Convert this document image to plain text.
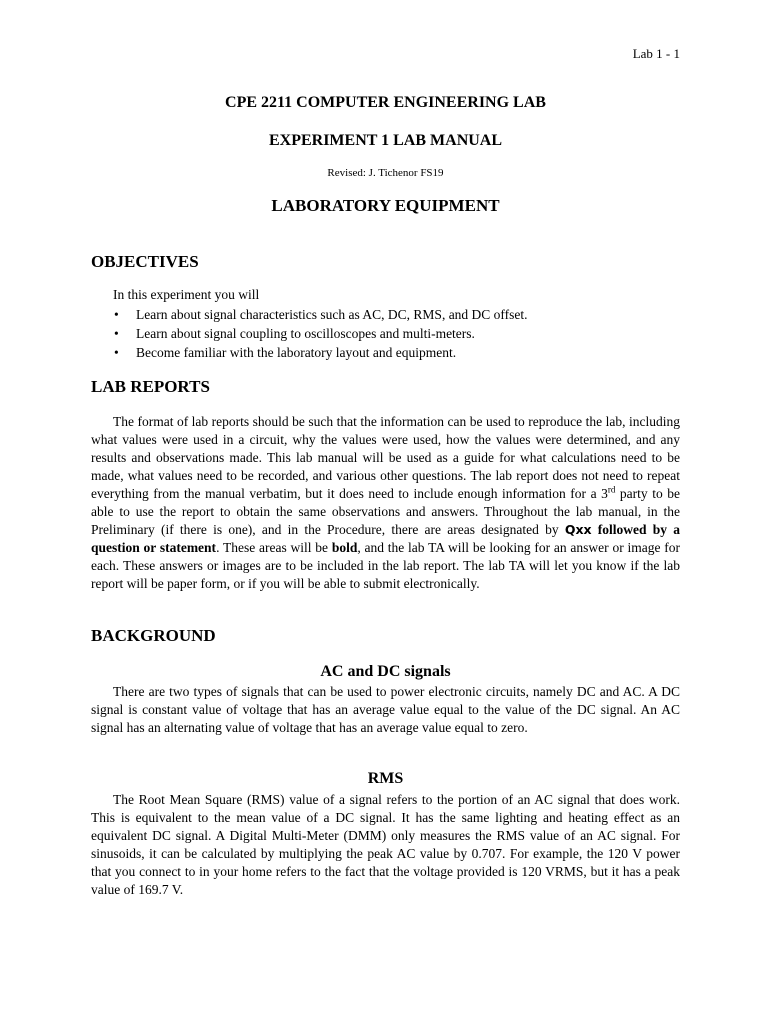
Lab 1 - 1
CPE 2211 COMPUTER ENGINEERING LAB
EXPERIMENT 1 LAB MANUAL
Revised: J. Tichenor FS19
LABORATORY EQUIPMENT
OBJECTIVES
In this experiment you will
• Learn about signal characteristics such as AC, DC, RMS, and DC offset.
• Learn about signal coupling to oscilloscopes and multi-meters.
• Become familiar with the laboratory layout and equipment.
LAB REPORTS

The format of lab reports should be such that the information can be used to reproduce the lab, including what values were used in a circuit, why the values were used, how the values were determined, and any results and observations made. This lab manual will be used as a guide for what calculations need to be made, what values need to be recorded, and various other questions. The lab report does not need to repeat everything from the manual verbatim, but it does need to include enough information for a 3rd party to be able to use the report to obtain the same observations and answers. Throughout the lab manual, in the Preliminary (if there is one), and in the Procedure, there are areas designated by Qxx followed by a question or statement. These areas will be bold, and the lab TA will be looking for an answer or image for each. These answers or images are to be included in the lab report. The lab TA will let you know if the lab report will be paper form, or if you will be able to submit electronically.

BACKGROUND
AC and DC signals

There are two types of signals that can be used to power electronic circuits, namely DC and AC. A DC signal is constant value of voltage that has an average value equal to the value of the DC signal. An AC signal has an alternating value of voltage that has an average value equal to zero.

RMS

The Root Mean Square (RMS) value of a signal refers to the portion of an AC signal that does work. This is equivalent to the mean value of a DC signal. It has the same lighting and heating effect as an equivalent DC signal. A Digital Multi-Meter (DMM) only measures the RMS value of an AC signal. For sinusoids, it can be calculated by multiplying the peak AC value by 0.707. For example, the 120 V power that you connect to in your home refers to the fact that the voltage provided is 120 VRMS, but it has a peak value of 169.7 V.
